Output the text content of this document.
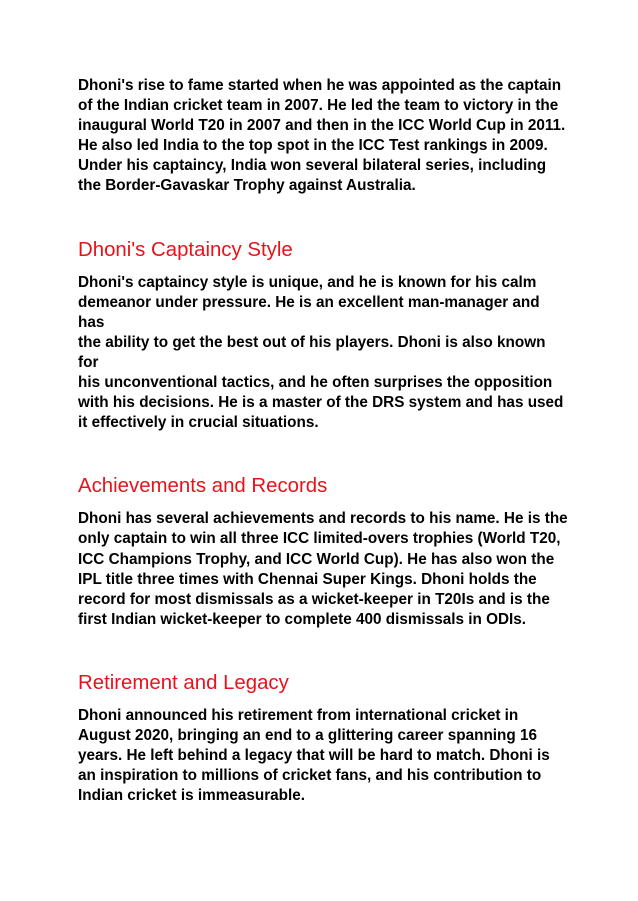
Dhoni's rise to fame started when he was appointed as the captain
of the Indian cricket team in 2007. He led the team to victory in the
inaugural World T20 in 2007 and then in the ICC World Cup in 2011.
He also led India to the top spot in the ICC Test rankings in 2009.
Under his captaincy, India won several bilateral series, including
the Border-Gavaskar Trophy against Australia.

Dhoni's Captaincy Style

Dhoni's captaincy style is unique, and he is known for his calm
demeanor under pressure. He is an excellent man-manager and has
the ability to get the best out of his players. Dhoni is also known for
his unconventional tactics, and he often surprises the opposition
with his decisions. He is a master of the DRS system and has used
it effectively in crucial situations.

Achievements and Records

Dhoni has several achievements and records to his name. He is the
only captain to win all three ICC limited-overs trophies (World T20,
ICC Champions Trophy, and ICC World Cup). He has also won the
IPL title three times with Chennai Super Kings. Dhoni holds the
record for most dismissals as a wicket-keeper in T20Is and is the
first Indian wicket-keeper to complete 400 dismissals in ODIs.

Retirement and Legacy

Dhoni announced his retirement from international cricket in
August 2020, bringing an end to a glittering career spanning 16
years. He left behind a legacy that will be hard to match. Dhoni is
an inspiration to millions of cricket fans, and his contribution to
Indian cricket is immeasurable.
